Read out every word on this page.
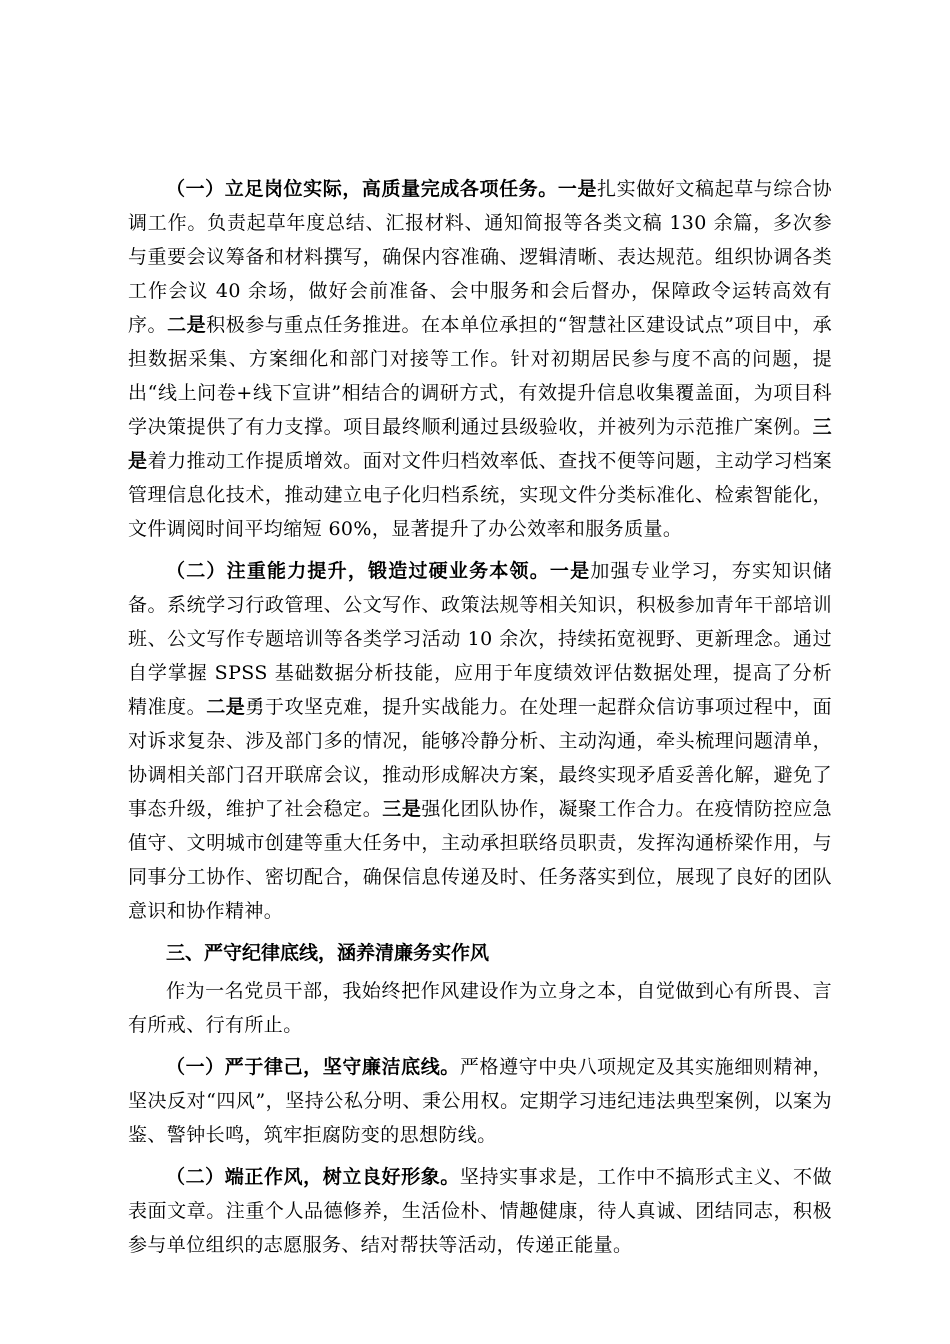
（一）立足岗位实际，高质量完成各项任务。一是扎实做好文稿起草与综合协调工作。负责起草年度总结、汇报材料、通知简报等各类文稿 130 余篇，多次参与重要会议筹备和材料撰写，确保内容准确、逻辑清晰、表达规范。组织协调各类工作会议 40 余场，做好会前准备、会中服务和会后督办，保障政令运转高效有序。二是积极参与重点任务推进。在本单位承担的“智慧社区建设试点”项目中，承担数据采集、方案细化和部门对接等工作。针对初期居民参与度不高的问题，提出“线上问卷+线下宣讲”相结合的调研方式，有效提升信息收集覆盖面，为项目科学决策提供了有力支撑。项目最终顺利通过县级验收，并被列为示范推广案例。三是着力推动工作提质增效。面对文件归档效率低、查找不便等问题，主动学习档案管理信息化技术，推动建立电子化归档系统，实现文件分类标准化、检索智能化，文件调阅时间平均缩短 60%，显著提升了办公效率和服务质量。

（二）注重能力提升，锻造过硬业务本领。一是加强专业学习，夯实知识储备。系统学习行政管理、公文写作、政策法规等相关知识，积极参加青年干部培训班、公文写作专题培训等各类学习活动 10 余次，持续拓宽视野、更新理念。通过自学掌握 SPSS 基础数据分析技能，应用于年度绩效评估数据处理，提高了分析精准度。二是勇于攻坚克难，提升实战能力。在处理一起群众信访事项过程中，面对诉求复杂、涉及部门多的情况，能够冷静分析、主动沟通，牵头梳理问题清单，协调相关部门召开联席会议，推动形成解决方案，最终实现矛盾妥善化解，避免了事态升级，维护了社会稳定。三是强化团队协作，凝聚工作合力。在疫情防控应急值守、文明城市创建等重大任务中，主动承担联络员职责，发挥沟通桥梁作用，与同事分工协作、密切配合，确保信息传递及时、任务落实到位，展现了良好的团队意识和协作精神。

三、严守纪律底线，涵养清廉务实作风

作为一名党员干部，我始终把作风建设作为立身之本，自觉做到心有所畏、言有所戒、行有所止。

（一）严于律己，坚守廉洁底线。严格遵守中央八项规定及其实施细则精神，坚决反对“四风”，坚持公私分明、秉公用权。定期学习违纪违法典型案例，以案为鉴、警钟长鸣，筑牢拒腐防变的思想防线。

（二）端正作风，树立良好形象。坚持实事求是，工作中不搞形式主义、不做表面文章。注重个人品德修养，生活俭朴、情趣健康，待人真诚、团结同志，积极参与单位组织的志愿服务、结对帮扶等活动，传递正能量。
